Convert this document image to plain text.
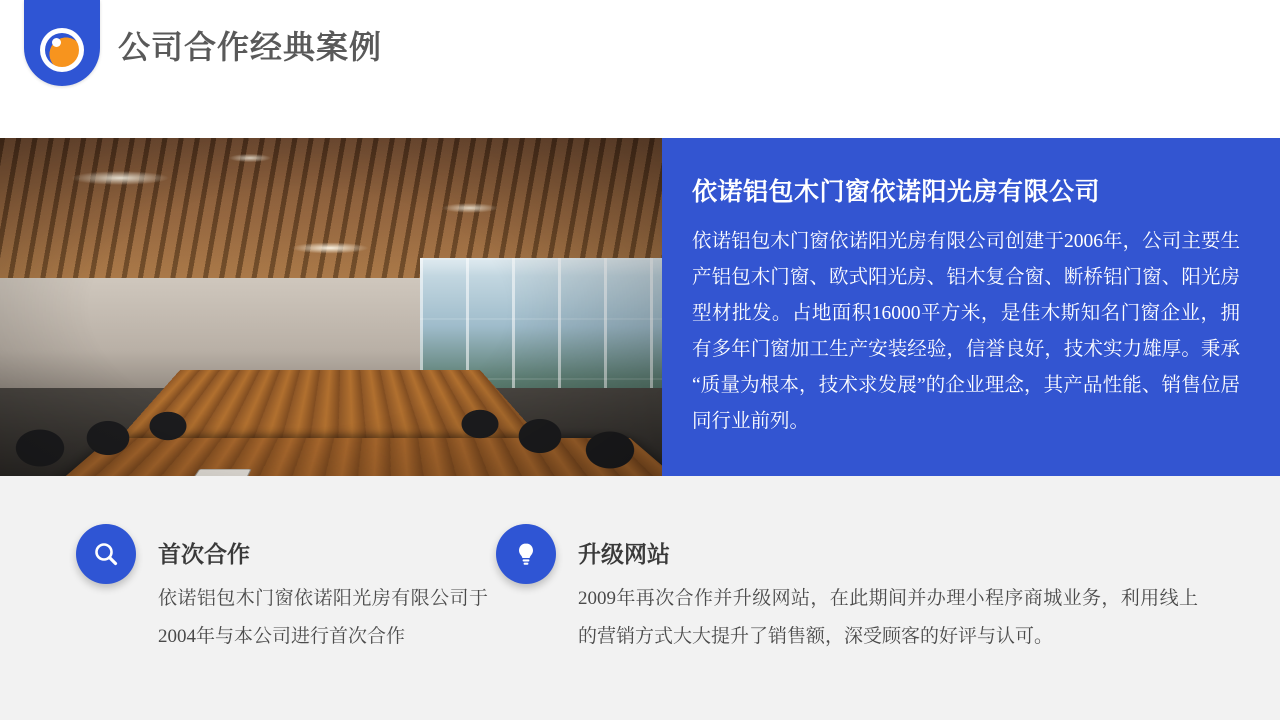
公司合作经典案例
依诺铝包木门窗依诺阳光房有限公司

依诺铝包木门窗依诺阳光房有限公司创建于2006年，公司主要生产铝包木门窗、欧式阳光房、铝木复合窗、断桥铝门窗、阳光房型材批发。占地面积16000平方米，是佳木斯知名门窗企业，拥有多年门窗加工生产安装经验，信誉良好，技术实力雄厚。秉承“质量为根本，技术求发展”的企业理念，其产品性能、销售位居同行业前列。

首次合作
依诺铝包木门窗依诺阳光房有限公司于2004年与本公司进行首次合作
升级网站
2009年再次合作并升级网站，在此期间并办理小程序商城业务，利用线上的营销方式大大提升了销售额，深受顾客的好评与认可。
